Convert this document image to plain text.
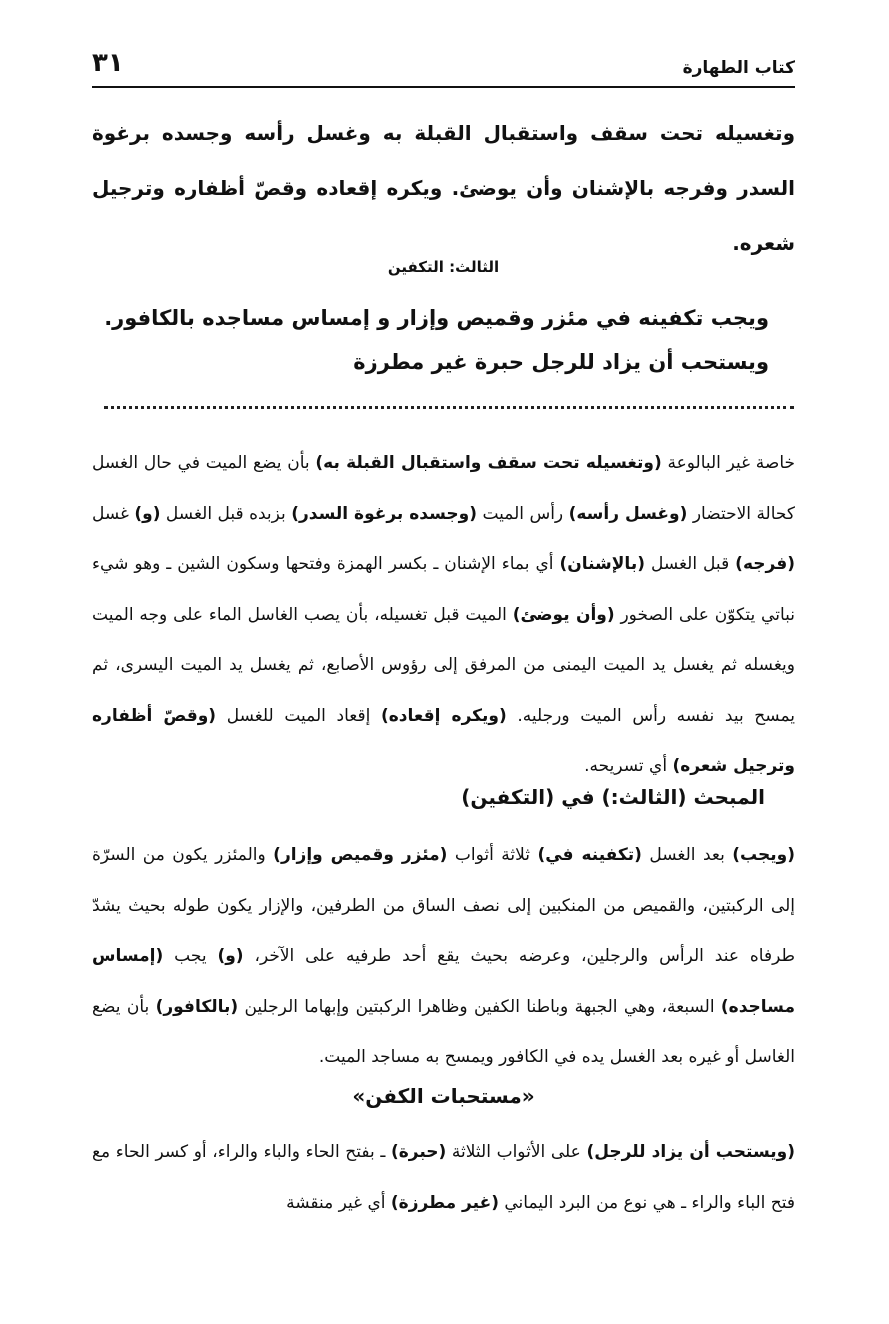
كتاب الطهارة
٣١
وتغسيله تحت سقف واستقبال القبلة به وغسل رأسه وجسده برغوة السدر وفرجه بالإشنان وأن يوضئ. ويكره إقعاده وقصّ أظفاره وترجيل شعره.
الثالث: التكفين
ويجب تكفينه في مئزر وقميص وإزار و إمساس مساجده بالكافور.
ويستحب أن يزاد للرجل حبرة غير مطرزة
خاصة غير البالوعة (وتغسيله تحت سقف واستقبال القبلة به) بأن يضع الميت في حال الغسل كحالة الاحتضار (وغسل رأسه) رأس الميت (وجسده برغوة السدر) بزبده قبل الغسل (و) غسل (فرجه) قبل الغسل (بالإشنان) أي بماء الإشنان ـ بكسر الهمزة وفتحها وسكون الشين ـ وهو شيء نباتي يتكوّن على الصخور (وأن يوضئ) الميت قبل تغسيله، بأن يصب الغاسل الماء على وجه الميت ويغسله ثم يغسل يد الميت اليمنى من المرفق إلى رؤوس الأصابع، ثم يغسل يد الميت اليسرى، ثم يمسح بيد نفسه رأس الميت ورجليه. (ويكره إقعاده) إقعاد الميت للغسل (وقصّ أظفاره وترجيل شعره) أي تسريحه.
المبحث (الثالث:) في (التكفين)
(ويجب) بعد الغسل (تكفينه في) ثلاثة أثواب (مئزر وقميص وإزار) والمئزر يكون من السرّة إلى الركبتين، والقميص من المنكبين إلى نصف الساق من الطرفين، والإزار يكون طوله بحيث يشدّ طرفاه عند الرأس والرجلين، وعرضه بحيث يقع أحد طرفيه على الآخر، (و) يجب (إمساس مساجده) السبعة، وهي الجبهة وباطنا الكفين وظاهرا الركبتين وإبهاما الرجلين (بالكافور) بأن يضع الغاسل أو غيره بعد الغسل يده في الكافور ويمسح به مساجد الميت.
«مستحبات الكفن»
(ويستحب أن يزاد للرجل) على الأثواب الثلاثة (حبرة) ـ بفتح الحاء والباء والراء، أو كسر الحاء مع فتح الباء والراء ـ هي نوع من البرد اليماني (غير مطرزة) أي غير منقشة
